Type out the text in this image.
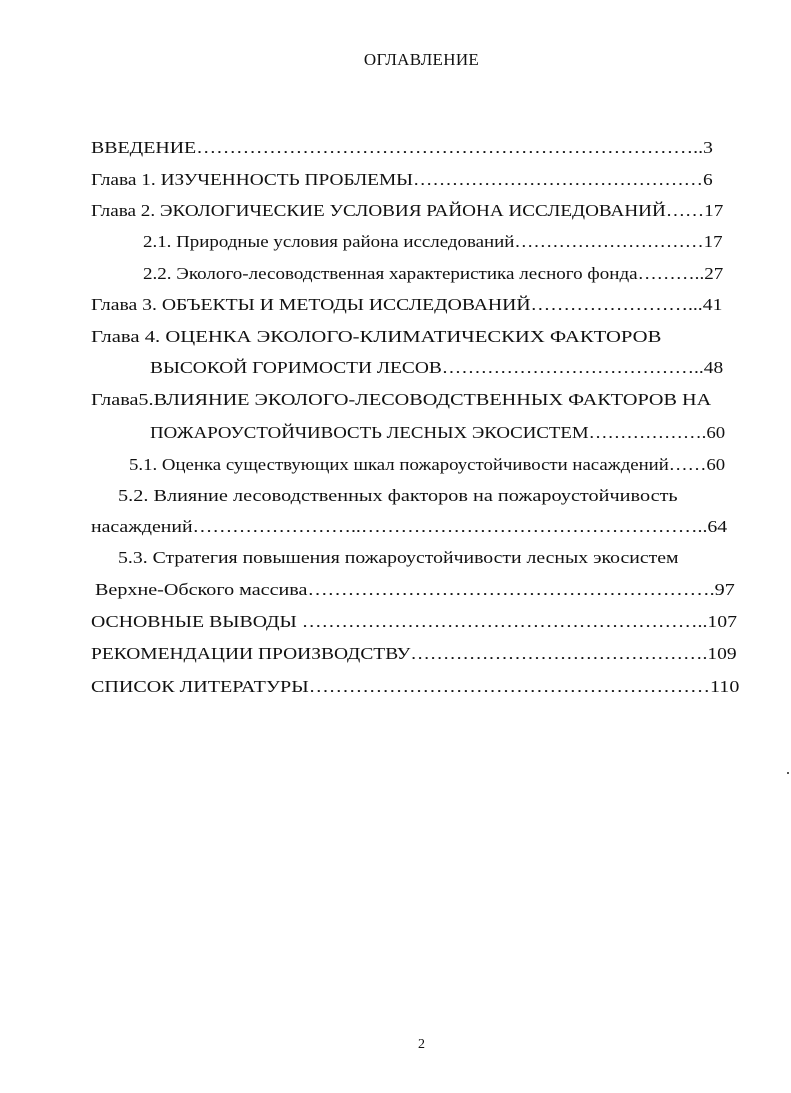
ОГЛАВЛЕНИЕ
ВВЕДЕНИЕ…………………………………………………………………..3
Глава 1. ИЗУЧЕННОСТЬ ПРОБЛЕМЫ………………………………………6
Глава 2. ЭКОЛОГИЧЕСКИЕ УСЛОВИЯ РАЙОНА ИССЛЕДОВАНИЙ……17
2.1. Природные условия района исследований…………………………17
2.2. Эколого-лесоводственная характеристика лесного фонда………..27
Глава 3. ОБЪЕКТЫ И МЕТОДЫ ИССЛЕДОВАНИЙ……………………...41
Глава 4. ОЦЕНКА ЭКОЛОГО-КЛИМАТИЧЕСКИХ ФАКТОРОВ
ВЫСОКОЙ ГОРИМОСТИ ЛЕСОВ…………………………………..48
Глава5.ВЛИЯНИЕ ЭКОЛОГО-ЛЕСОВОДСТВЕННЫХ ФАКТОРОВ НА
ПОЖАРОУСТОЙЧИВОСТЬ ЛЕСНЫХ ЭКОСИСТЕМ……………….60
5.1. Оценка существующих шкал пожароустойчивости насаждений……60
5.2. Влияние лесоводственных факторов на пожароустойчивость
насаждений……………………..……………………………………………..64
5.3. Стратегия повышения пожароустойчивости лесных экосистем
Верхне-Обского массива…………………………………………………….97
ОСНОВНЫЕ ВЫВОДЫ ……………………………………………………..107
РЕКОМЕНДАЦИИ ПРОИЗВОДСТВУ……………………………………….109
СПИСОК ЛИТЕРАТУРЫ……………………………………………………110
2
